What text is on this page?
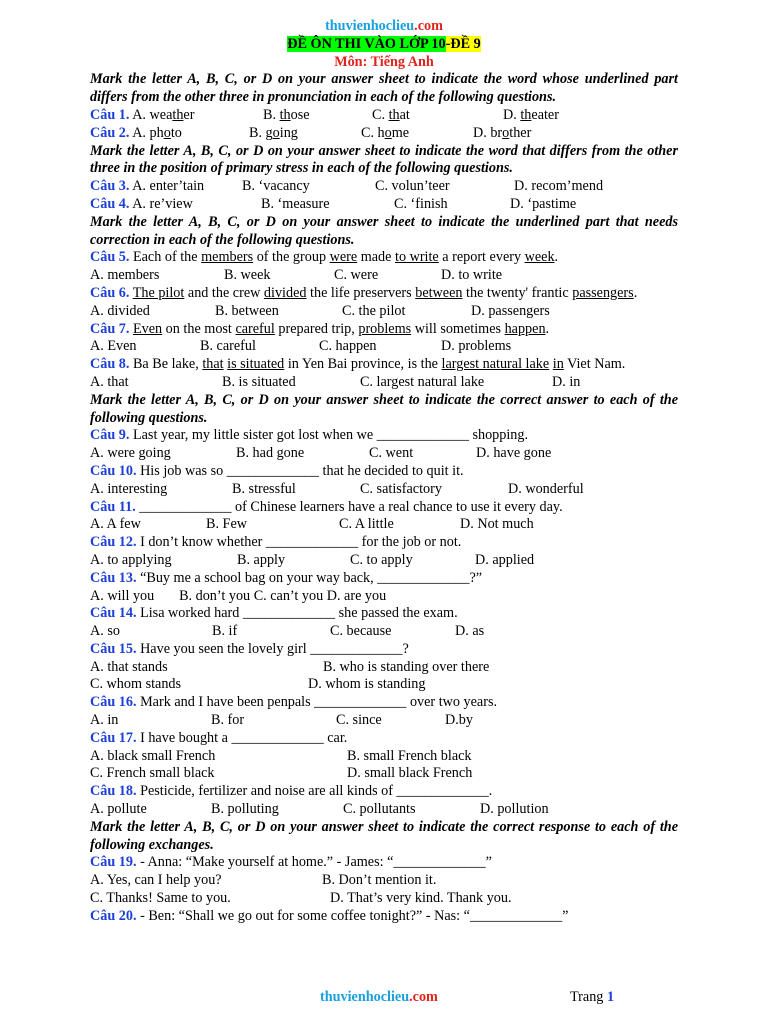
thuvienhoclieu.com
ĐỀ ÔN THI VÀO LỚP 10-ĐỀ 9
Môn: Tiếng Anh
Mark the letter A, B, C, or D on your answer sheet to indicate the word whose underlined part differs from the other three in pronunciation in each of the following questions.
Câu 1. A. weather	B. those	C. that	D. theater
Câu 2. A. photo	B. going	C. home	D. brother
Mark the letter A, B, C, or D on your answer sheet to indicate the word that differs from the other three in the position of primary stress in each of the following questions.
Câu 3. A. enter’tain	B. ‘vacancy	C. volun’teer	D. recom’mend
Câu 4. A. re’view	B. ‘measure	C. ‘finish	D. ‘pastime
Mark the letter A, B, C, or D on your answer sheet to indicate the underlined part that needs correction in each of the following questions.
Câu 5. Each of the members of the group were made to write a report every week.
A. members	B. week	C. were	D. to write
Câu 6. The pilot and the crew divided the life preservers between the twenty' frantic passengers.
A. divided	B. between	C. the pilot	D. passengers
Câu 7. Even on the most careful prepared trip, problems will sometimes happen.
A. Even	B. careful	C. happen	D. problems
Câu 8. Ba Be lake, that is situated in Yen Bai province, is the largest natural lake in Viet Nam.
A. that	B. is situated	C. largest natural lake	D. in
Mark the letter A, B, C, or D on your answer sheet to indicate the correct answer to each of the following questions.
Câu 9. Last year, my little sister got lost when we _____________ shopping.
A. were going	B. had gone	C. went	D. have gone
Câu 10. His job was so _____________ that he decided to quit it.
A. interesting	B. stressful	C. satisfactory	D. wonderful
Câu 11. _____________ of Chinese learners have a real chance to use it every day.
A. A few	B. Few	C. A little	D. Not much
Câu 12. I don’t know whether _____________ for the job or not.
A. to applying	B. apply	C. to apply	D. applied
Câu 13. “Buy me a school bag on your way back, _____________?”
A. will you       B. don’t you C. can’t you D. are you
Câu 14. Lisa worked hard _____________ she passed the exam.
A. so	B. if	C. because	D. as
Câu 15. Have you seen the lovely girl _____________?
A. that stands	B. who is standing over there
C. whom stands	D. whom is standing
Câu 16. Mark and I have been penpals _____________ over two years.
A. in	B. for	C. since	D.by
Câu 17. I have bought a _____________ car.
A. black small French	B. small French black
C. French small black	D. small black French
Câu 18. Pesticide, fertilizer and noise are all kinds of _____________.
A. pollute	B. polluting	C. pollutants	D. pollution
Mark the letter A, B, C, or D on your answer sheet to indicate the correct response to each of the following exchanges.
Câu 19. - Anna: “Make yourself at home.” - James: “_____________”
A. Yes, can I help you?	B. Don’t mention it.
C. Thanks! Same to you.	D. That’s very kind. Thank you.
Câu 20. - Ben: “Shall we go out for some coffee tonight?” - Nas: “_____________”
thuvienhoclieu.com	Trang 1
